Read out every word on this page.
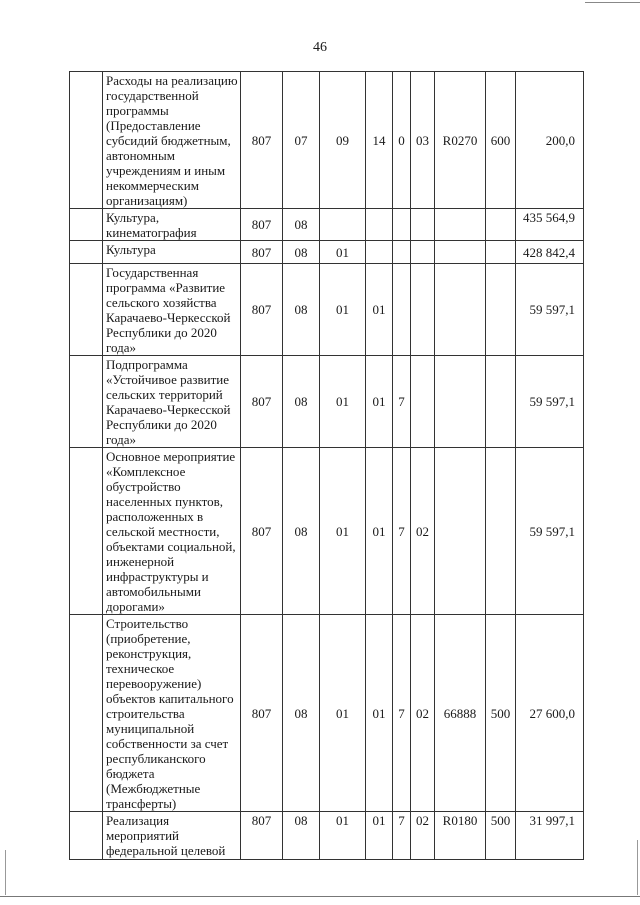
46
	Расходы на реализацию государственной программы (Предоставление субсидий бюджетным, автономным учреждениям и иным некоммерческим организациям)	807	07	09	14	0	03	R0270	600	200,0
	Культура, кинематография	807	08							435 564,9
	Культура	807	08	01						428 842,4
	Государственная программа «Развитие сельского хозяйства Карачаево-Черкесской Республики до 2020 года»	807	08	01	01					59 597,1
	Подпрограмма «Устойчивое развитие сельских территорий Карачаево-Черкесской Республики до 2020 года»	807	08	01	01	7				59 597,1
	Основное мероприятие «Комплексное обустройство населенных пунктов, расположенных в сельской местности, объектами социальной, инженерной инфраструктуры и автомобильными дорогами»	807	08	01	01	7	02			59 597,1
	Строительство (приобретение, реконструкция, техническое перевооружение) объектов капитального строительства муниципальной собственности за счет республиканского бюджета (Межбюджетные трансферты)	807	08	01	01	7	02	66888	500	27 600,0
	Реализация мероприятий федеральной целевой	807	08	01	01	7	02	R0180	500	31 997,1
